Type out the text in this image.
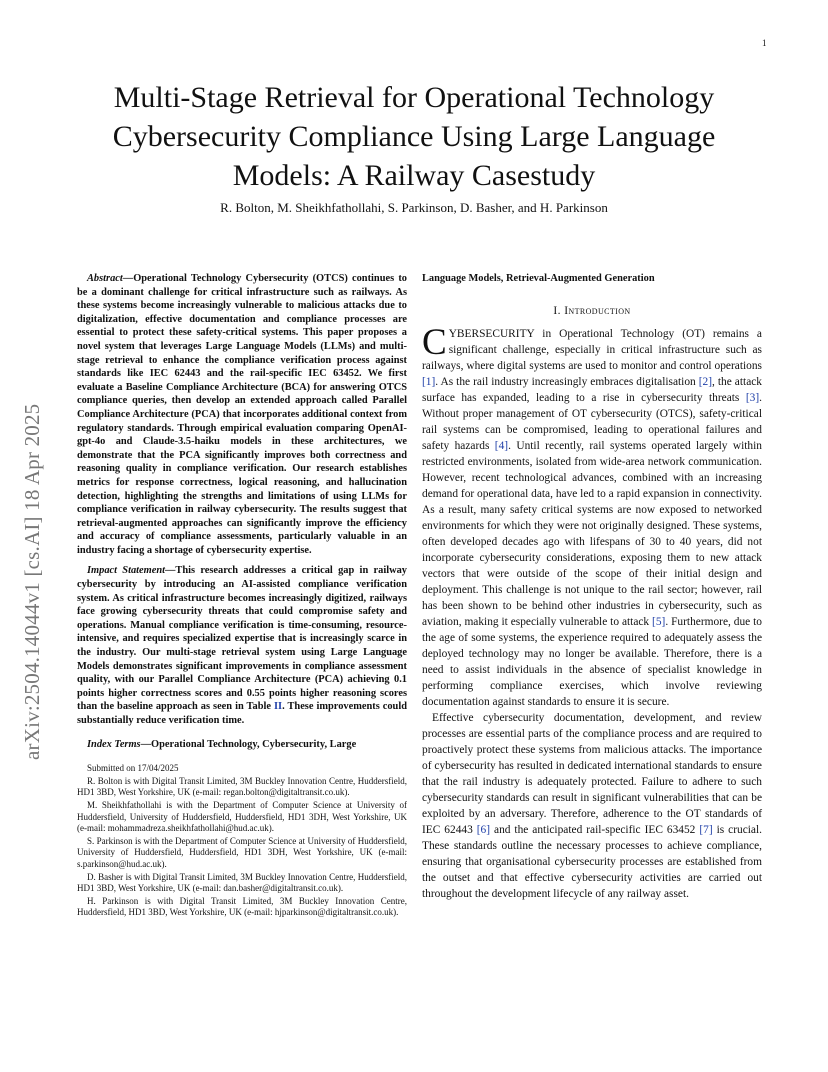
1
arXiv:2504.14044v1 [cs.AI] 18 Apr 2025
Multi-Stage Retrieval for Operational Technology Cybersecurity Compliance Using Large Language Models: A Railway Casestudy
R. Bolton, M. Sheikhfathollahi, S. Parkinson, D. Basher, and H. Parkinson

Abstract—Operational Technology Cybersecurity (OTCS) continues to be a dominant challenge for critical infrastructure such as railways. As these systems become increasingly vulnerable to malicious attacks due to digitalization, effective documentation and compliance processes are essential to protect these safety-critical systems. This paper proposes a novel system that leverages Large Language Models (LLMs) and multi-stage retrieval to enhance the compliance verification process against standards like IEC 62443 and the rail-specific IEC 63452. We first evaluate a Baseline Compliance Architecture (BCA) for answering OTCS compliance queries, then develop an extended approach called Parallel Compliance Architecture (PCA) that incorporates additional context from regulatory standards. Through empirical evaluation comparing OpenAI-gpt-4o and Claude-3.5-haiku models in these architectures, we demonstrate that the PCA significantly improves both correctness and reasoning quality in compliance verification. Our research establishes metrics for response correctness, logical reasoning, and hallucination detection, highlighting the strengths and limitations of using LLMs for compliance verification in railway cybersecurity. The results suggest that retrieval-augmented approaches can significantly improve the efficiency and accuracy of compliance assessments, particularly valuable in an industry facing a shortage of cybersecurity expertise.

Impact Statement—This research addresses a critical gap in railway cybersecurity by introducing an AI-assisted compliance verification system. As critical infrastructure becomes increasingly digitized, railways face growing cybersecurity threats that could compromise safety and operations. Manual compliance verification is time-consuming, resource-intensive, and requires specialized expertise that is increasingly scarce in the industry. Our multi-stage retrieval system using Large Language Models demonstrates significant improvements in compliance assessment quality, with our Parallel Compliance Architecture (PCA) achieving 0.1 points higher correctness scores and 0.55 points higher reasoning scores than the baseline approach as seen in Table II. These improvements could substantially reduce verification time.

Index Terms—Operational Technology, Cybersecurity, Large

Submitted on 17/04/2025

R. Bolton is with Digital Transit Limited, 3M Buckley Innovation Centre, Huddersfield, HD1 3BD, West Yorkshire, UK (e-mail: regan.bolton@digitaltransit.co.uk).

M. Sheikhfathollahi is with the Department of Computer Science at University of Huddersfield, University of Huddersfield, Huddersfield, HD1 3DH, West Yorkshire, UK (e-mail: mohammadreza.sheikhfathollahi@hud.ac.uk).

S. Parkinson is with the Department of Computer Science at University of Huddersfield, University of Huddersfield, Huddersfield, HD1 3DH, West Yorkshire, UK (e-mail: s.parkinson@hud.ac.uk).

D. Basher is with Digital Transit Limited, 3M Buckley Innovation Centre, Huddersfield, HD1 3BD, West Yorkshire, UK (e-mail: dan.basher@digitaltransit.co.uk).

H. Parkinson is with Digital Transit Limited, 3M Buckley Innovation Centre, Huddersfield, HD1 3BD, West Yorkshire, UK (e-mail: hjparkinson@digitaltransit.co.uk).

Language Models, Retrieval-Augmented Generation

I. Introduction

CYBERSECURITY in Operational Technology (OT) remains a significant challenge, especially in critical infrastructure such as railways, where digital systems are used to monitor and control operations [1]. As the rail industry increasingly embraces digitalisation [2], the attack surface has expanded, leading to a rise in cybersecurity threats [3]. Without proper management of OT cybersecurity (OTCS), safety-critical rail systems can be compromised, leading to operational failures and safety hazards [4]. Until recently, rail systems operated largely within restricted environments, isolated from wide-area network communication. However, recent technological advances, combined with an increasing demand for operational data, have led to a rapid expansion in connectivity. As a result, many safety critical systems are now exposed to networked environments for which they were not originally designed. These systems, often developed decades ago with lifespans of 30 to 40 years, did not incorporate cybersecurity considerations, exposing them to new attack vectors that were outside of the scope of their initial design and deployment. This challenge is not unique to the rail sector; however, rail has been shown to be behind other industries in cybersecurity, such as aviation, making it especially vulnerable to attack [5]. Furthermore, due to the age of some systems, the experience required to adequately assess the deployed technology may no longer be available. Therefore, there is a need to assist individuals in the absence of specialist knowledge in performing compliance exercises, which involve reviewing documentation against standards to ensure it is secure.

Effective cybersecurity documentation, development, and review processes are essential parts of the compliance process and are required to proactively protect these systems from malicious attacks. The importance of cybersecurity has resulted in dedicated international standards to ensure that the rail industry is adequately protected. Failure to adhere to such cybersecurity standards can result in significant vulnerabilities that can be exploited by an adversary. Therefore, adherence to the OT standards of IEC 62443 [6] and the anticipated rail-specific IEC 63452 [7] is crucial. These standards outline the necessary processes to achieve compliance, ensuring that organisational cybersecurity processes are established from the outset and that effective cybersecurity activities are carried out throughout the development lifecycle of any railway asset.
